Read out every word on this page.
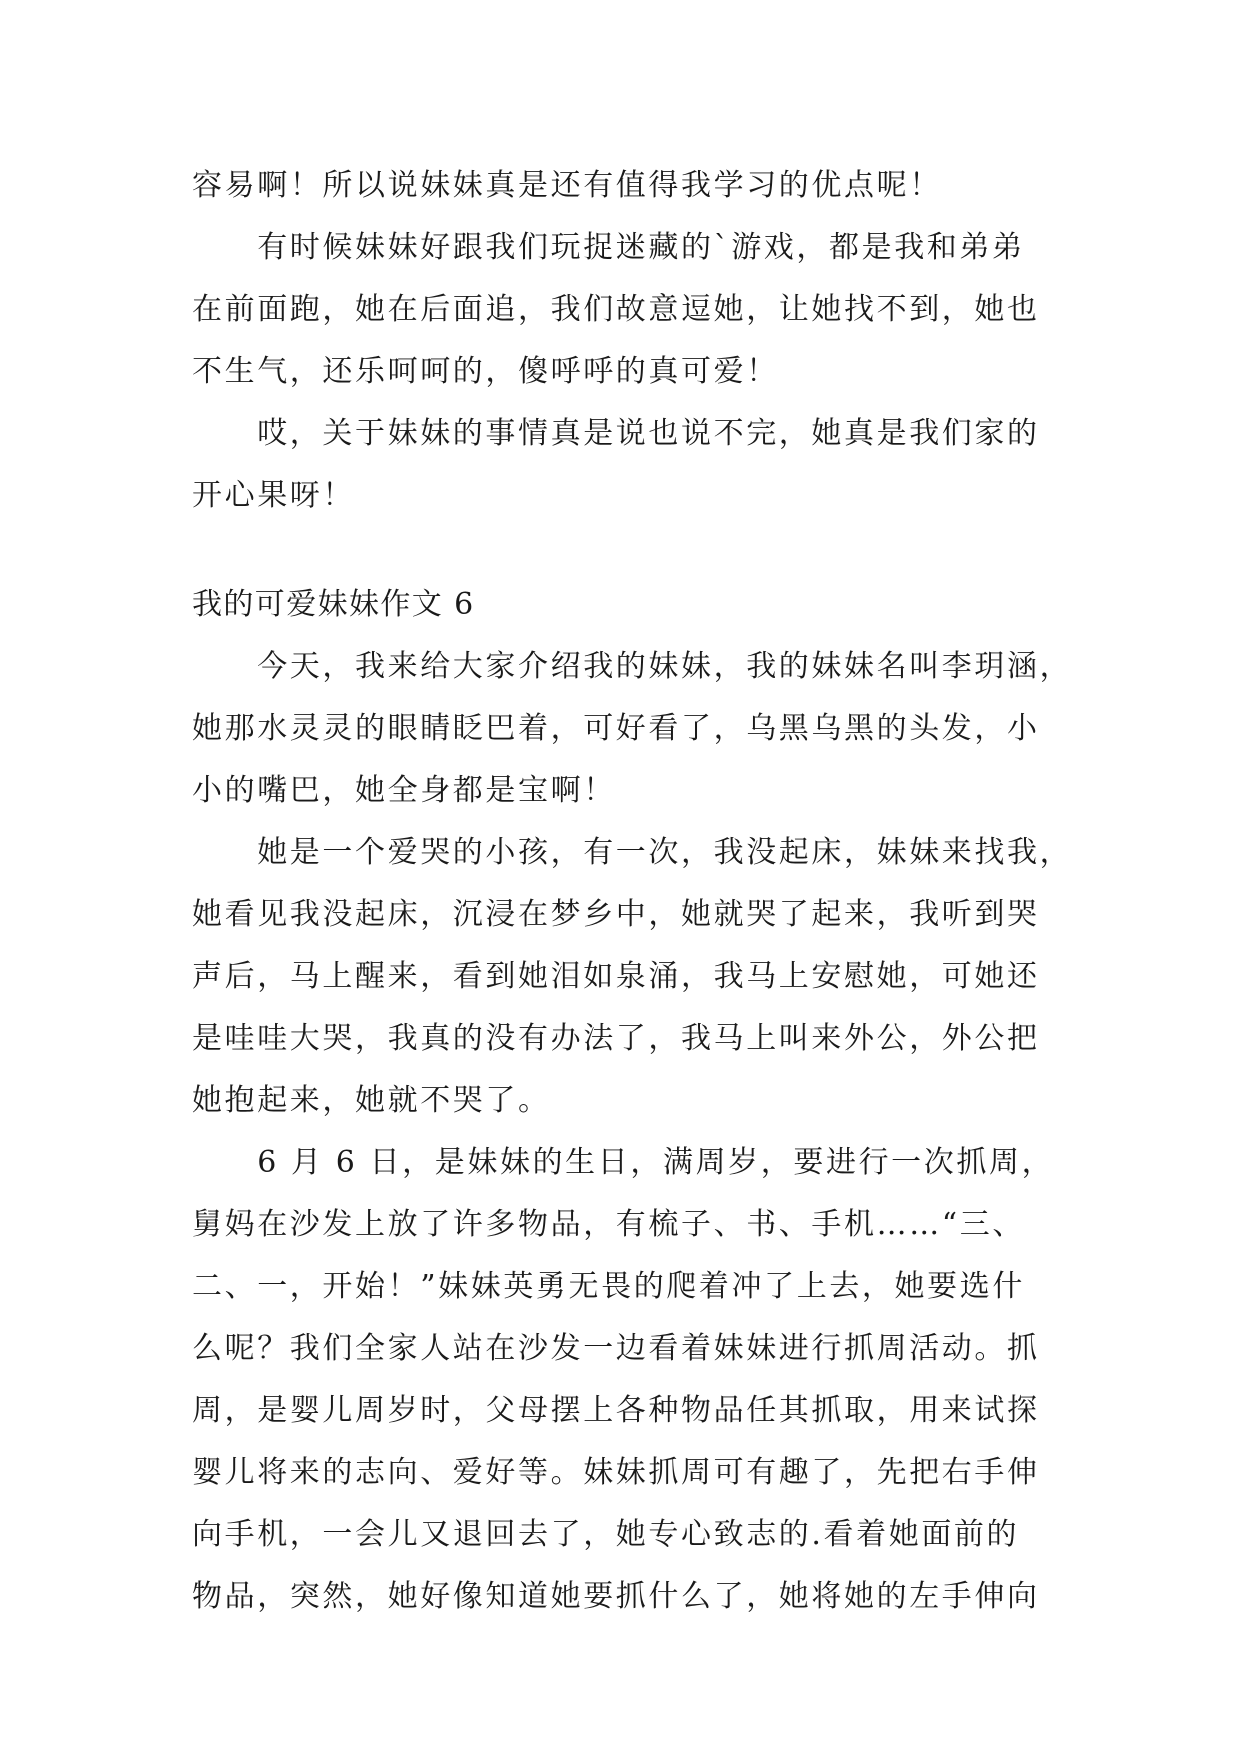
容易啊！所以说妹妹真是还有值得我学习的优点呢！
　　有时候妹妹好跟我们玩捉迷藏的`游戏，都是我和弟弟
在前面跑，她在后面追，我们故意逗她，让她找不到，她也
不生气，还乐呵呵的，傻呼呼的真可爱！
　　哎，关于妹妹的事情真是说也说不完，她真是我们家的
开心果呀！
我的可爱妹妹作文 6
　　今天，我来给大家介绍我的妹妹，我的妹妹名叫李玥涵，
她那水灵灵的眼睛眨巴着，可好看了，乌黑乌黑的头发，小
小的嘴巴，她全身都是宝啊！
　　她是一个爱哭的小孩，有一次，我没起床，妹妹来找我，
她看见我没起床，沉浸在梦乡中，她就哭了起来，我听到哭
声后，马上醒来，看到她泪如泉涌，我马上安慰她，可她还
是哇哇大哭，我真的没有办法了，我马上叫来外公，外公把
她抱起来，她就不哭了。
　　6 月 6 日，是妹妹的生日，满周岁，要进行一次抓周，
舅妈在沙发上放了许多物品，有梳子、书、手机……“三、
二、一，开始！”妹妹英勇无畏的爬着冲了上去，她要选什
么呢？我们全家人站在沙发一边看着妹妹进行抓周活动。抓
周，是婴儿周岁时，父母摆上各种物品任其抓取，用来试探
婴儿将来的志向、爱好等。妹妹抓周可有趣了，先把右手伸
向手机，一会儿又退回去了，她专心致志的.看着她面前的
物品，突然，她好像知道她要抓什么了，她将她的左手伸向
